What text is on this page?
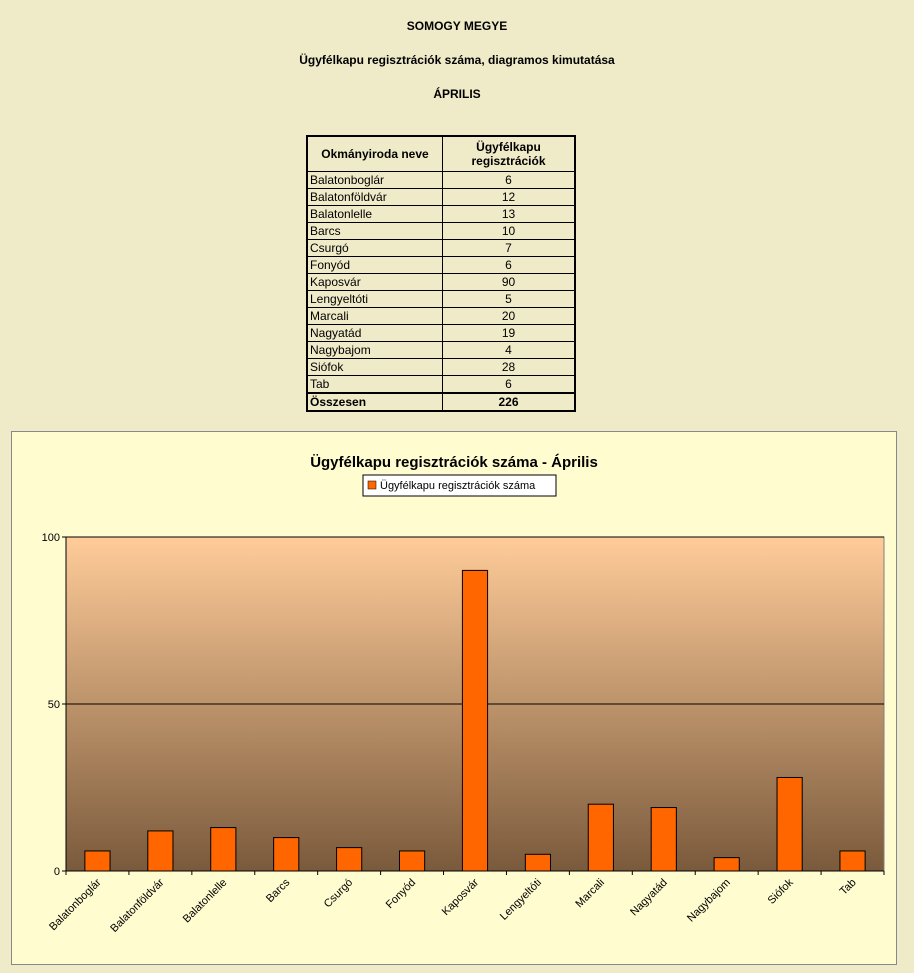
SOMOGY MEGYE
Ügyfélkapu regisztrációk száma, diagramos kimutatása
ÁPRILIS
Okmányiroda neve	Ügyfélkapu
regisztrációk
Balatonboglár	6
Balatonföldvár	12
Balatonlelle	13
Barcs	10
Csurgó	7
Fonyód	6
Kaposvár	90
Lengyeltóti	5
Marcali	20
Nagyatád	19
Nagybajom	4
Siófok	28
Tab	6
Összesen	226
Ügyfélkapu regisztrációk száma - Április
Ügyfélkapu regisztrációk száma
0
50
100
Balatonboglár Balatonföldvár Balatonlelle	Barcs	Csurgó	Fonyód Kaposvár Lengyeltóti	Marcali Nagyatád Nagybajom	Siófok	Tab
